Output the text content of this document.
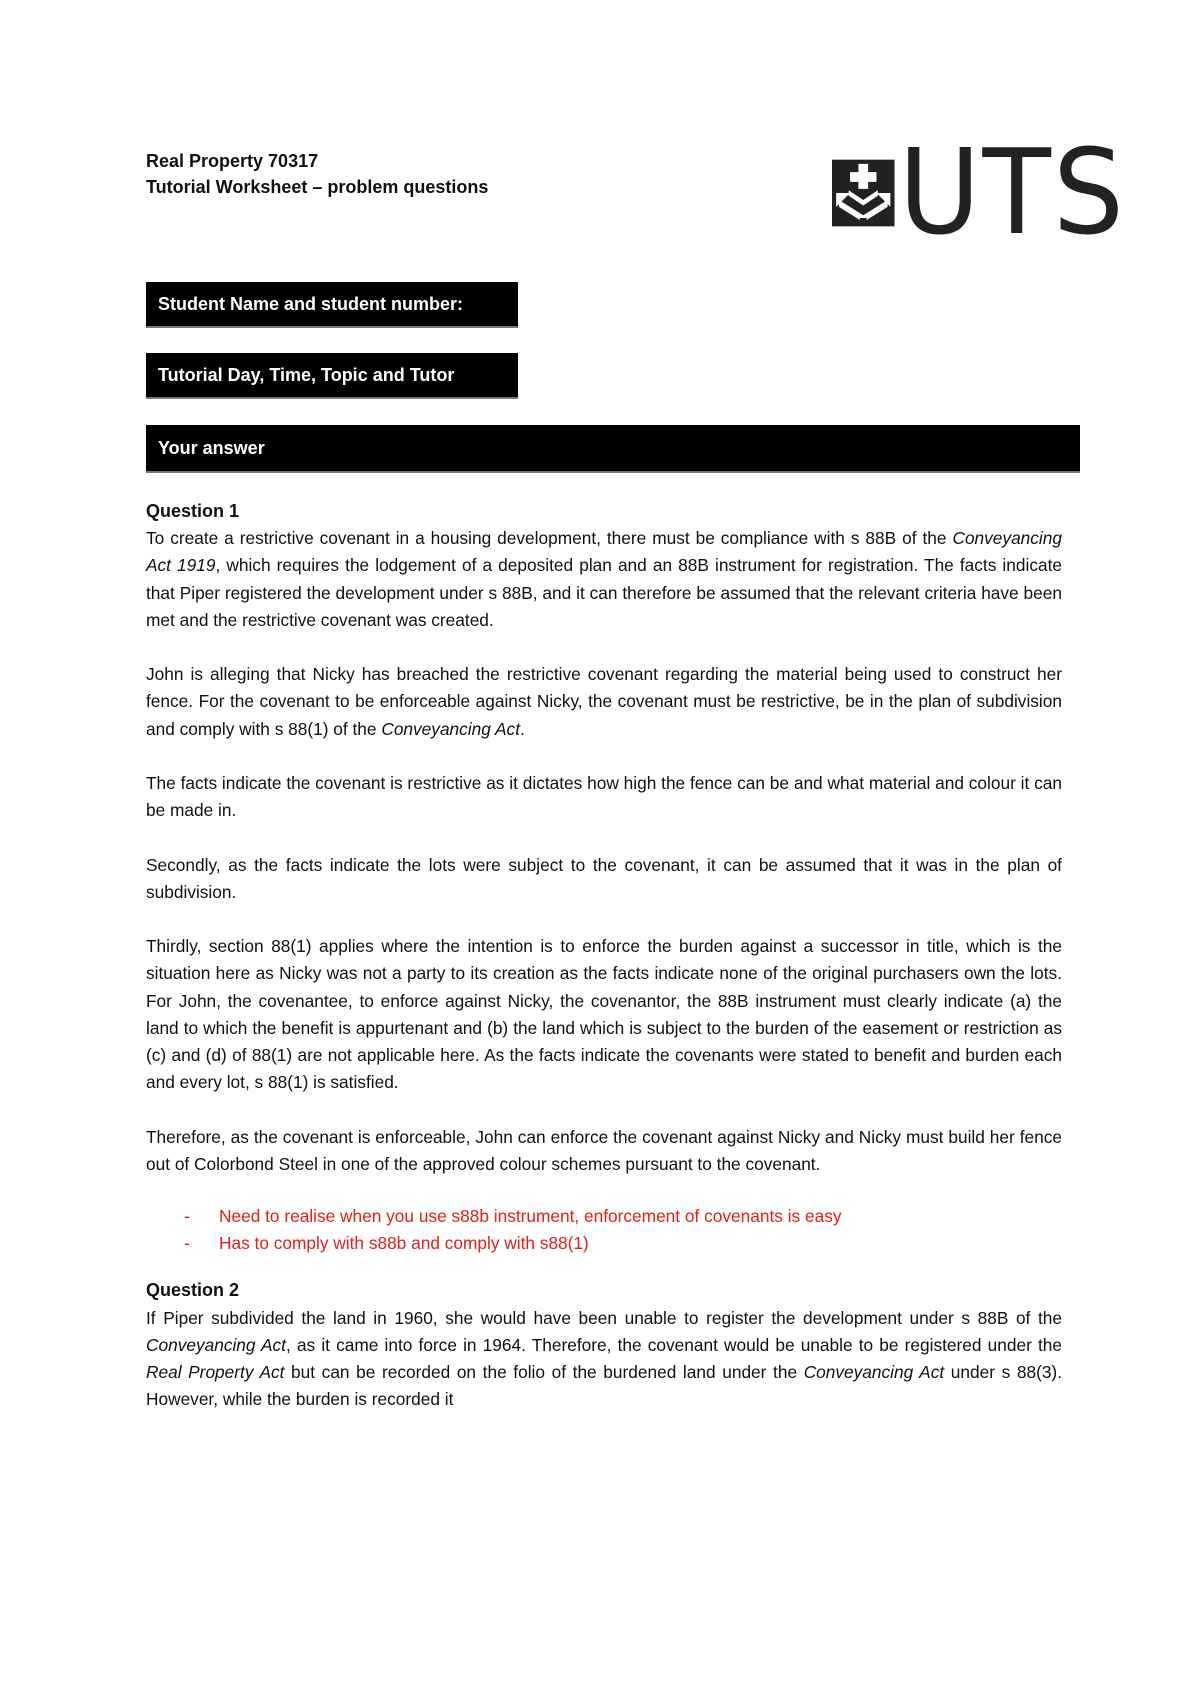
Real Property 70317
Tutorial Worksheet – problem questions	UTS
Student Name and student number:
Tutorial Day, Time, Topic and Tutor
Your answer
Question 1

To create a restrictive covenant in a housing development, there must be compliance with s 88B of the Conveyancing Act 1919, which requires the lodgement of a deposited plan and an 88B instrument for registration. The facts indicate that Piper registered the development under s 88B, and it can therefore be assumed that the relevant criteria have been met and the restrictive covenant was created.

John is alleging that Nicky has breached the restrictive covenant regarding the material being used to construct her fence. For the covenant to be enforceable against Nicky, the covenant must be restrictive, be in the plan of subdivision and comply with s 88(1) of the Conveyancing Act.

The facts indicate the covenant is restrictive as it dictates how high the fence can be and what material and colour it can be made in.

Secondly, as the facts indicate the lots were subject to the covenant, it can be assumed that it was in the plan of subdivision.

Thirdly, section 88(1) applies where the intention is to enforce the burden against a successor in title, which is the situation here as Nicky was not a party to its creation as the facts indicate none of the original purchasers own the lots. For John, the covenantee, to enforce against Nicky, the covenantor, the 88B instrument must clearly indicate (a) the land to which the benefit is appurtenant and (b) the land which is subject to the burden of the easement or restriction as (c) and (d) of 88(1) are not applicable here. As the facts indicate the covenants were stated to benefit and burden each and every lot, s 88(1) is satisfied.

Therefore, as the covenant is enforceable, John can enforce the covenant against Nicky and Nicky must build her fence out of Colorbond Steel in one of the approved colour schemes pursuant to the covenant.

- Need to realise when you use s88b instrument, enforcement of covenants is easy
- Has to comply with s88b and comply with s88(1)
Question 2

If Piper subdivided the land in 1960, she would have been unable to register the development under s 88B of the Conveyancing Act, as it came into force in 1964. Therefore, the covenant would be unable to be registered under the Real Property Act but can be recorded on the folio of the burdened land under the Conveyancing Act under s 88(3). However, while the burden is recorded it
